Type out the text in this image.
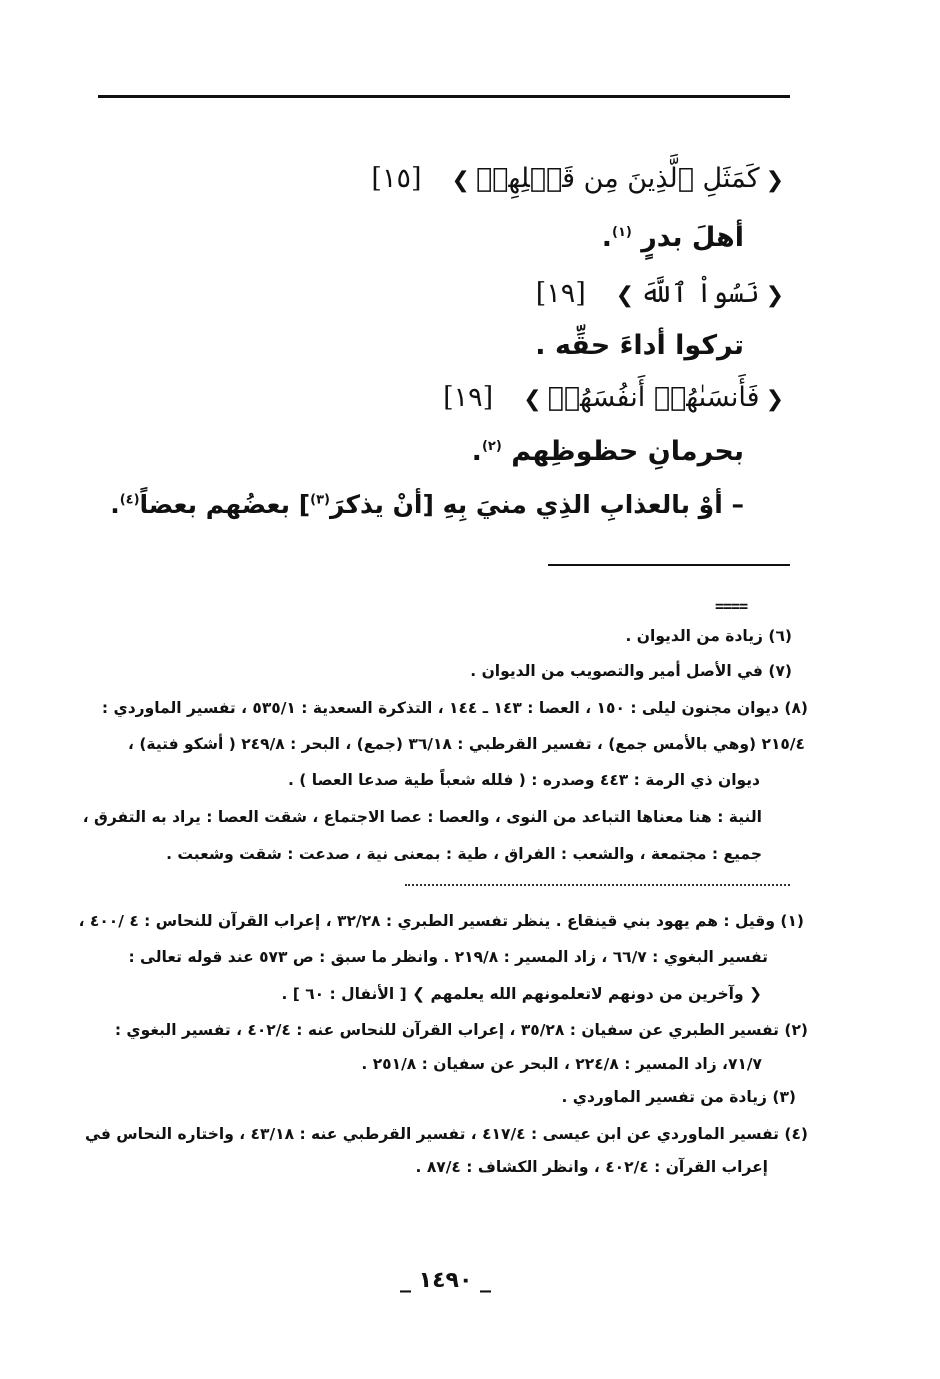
❮كَمَثَلِ ٱلَّذِينَ مِن قَبۡلِهِمۡ❯[١٥]
أهلَ بدرٍ $^{(١)}$.
❮نَسُواْ ٱللَّهَ❯[١٩]
تركوا أداءَ حقِّه .
❮فَأَنسَىٰهُمۡ أَنفُسَهُمۡ❯[١٩]
بحرمانِ حظوظِهم $^{(٢)}$.
– أوْ بالعذابِ الذِي منيَ بِهِ [أنْ يذكرَ$^{(٣)}$] بعضُهم بعضاً$^{(٤)}$.
====
(٦) زيادة من الديوان .
(٧) في الأصل أمير والتصويب من الديوان .
(٨) ديوان مجنون ليلى : ١٥٠ ، العصا : ١٤٣ ـ ١٤٤ ، التذكرة السعدية : ٥٣٥/١ ، تفسير الماوردي :
٢١٥/٤ (وهي بالأمس جمع) ، تفسير القرطبي : ٣٦/١٨ (جمع) ، البحر : ٢٤٩/٨ ( أشكو فتية) ،
ديوان ذي الرمة : ٤٤٣ وصدره : ( فلله شعباً طية صدعا العصا ) .
النية : هنا معناها التباعد من النوى ، والعصا : عصا الاجتماع ، شقت العصا : يراد به التفرق ،
جميع : مجتمعة ، والشعب : الفراق ، طية : بمعنى نية ، صدعت : شقت وشعبت .
(١) وقيل : هم يهود بني قينقاع . ينظر تفسير الطبري : ٣٢/٢٨ ، إعراب القرآن للنحاس : ٤ /٤٠٠ ،
تفسير البغوي : ٦٦/٧ ، زاد المسير : ٢١٩/٨ . وانظر ما سبق : ص ٥٧٣ عند قوله تعالى :
❮ وآخرين من دونهم لاتعلمونهم الله يعلمهم ❯ [ الأنفال : ٦٠ ] .
(٢) تفسير الطبري عن سفيان : ٣٥/٢٨ ، إعراب القرآن للنحاس عنه : ٤٠٢/٤ ، تفسير البغوي :
٧١/٧، زاد المسير : ٢٢٤/٨ ، البحر عن سفيان : ٢٥١/٨ .
(٣) زيادة من تفسير الماوردي .
(٤) تفسير الماوردي عن ابن عيسى : ٤١٧/٤ ، تفسير القرطبي عنه : ٤٣/١٨ ، واختاره النحاس في
إعراب القرآن : ٤٠٢/٤ ، وانظر الكشاف : ٨٧/٤ .
_ ١٤٩٠ _
